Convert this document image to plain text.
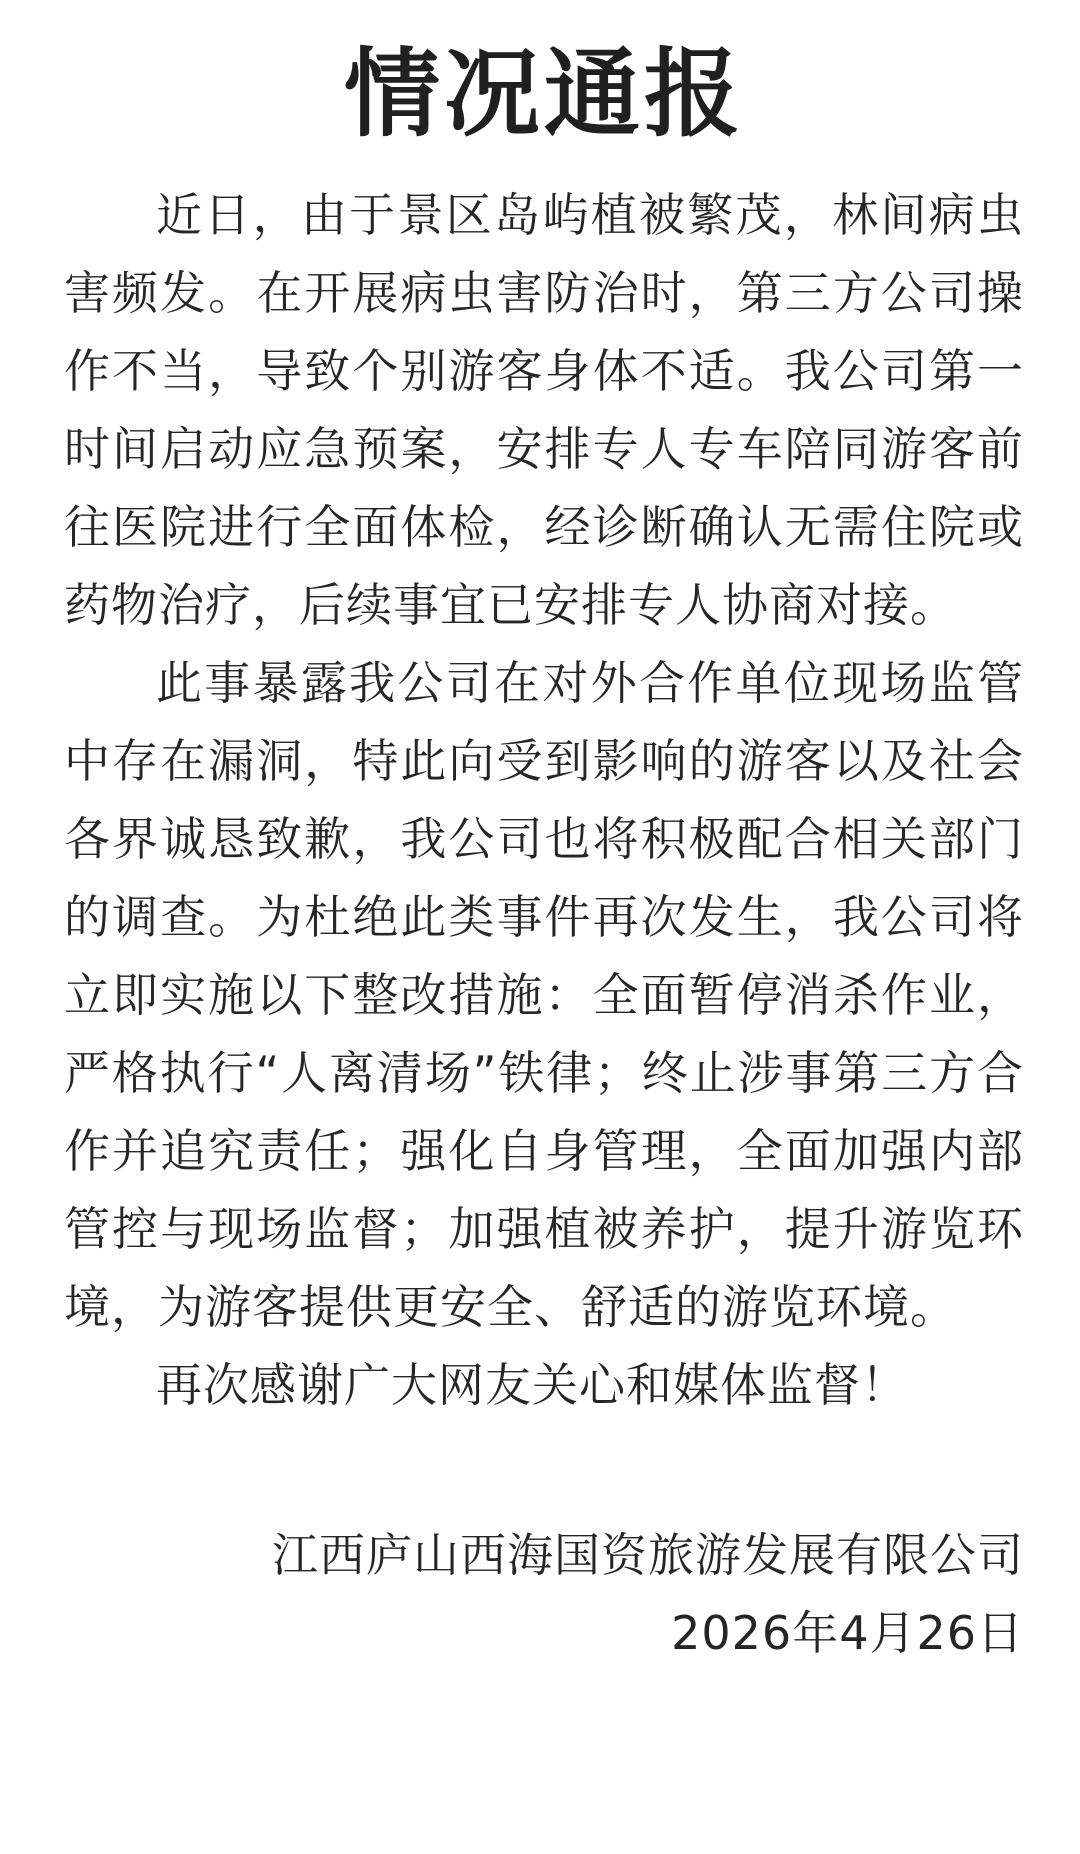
情况通报

近日，由于景区岛屿植被繁茂，林间病虫害频发。在开展病虫害防治时，第三方公司操作不当，导致个别游客身体不适。我公司第一时间启动应急预案，安排专人专车陪同游客前往医院进行全面体检，经诊断确认无需住院或药物治疗，后续事宜已安排专人协商对接。

此事暴露我公司在对外合作单位现场监管中存在漏洞，特此向受到影响的游客以及社会各界诚恳致歉，我公司也将积极配合相关部门的调查。为杜绝此类事件再次发生，我公司将立即实施以下整改措施：全面暂停消杀作业，严格执行“人离清场”铁律；终止涉事第三方合作并追究责任；强化自身管理，全面加强内部管控与现场监督；加强植被养护，提升游览环境，为游客提供更安全、舒适的游览环境。

再次感谢广大网友关心和媒体监督！

江西庐山西海国资旅游发展有限公司

2026年4月26日
